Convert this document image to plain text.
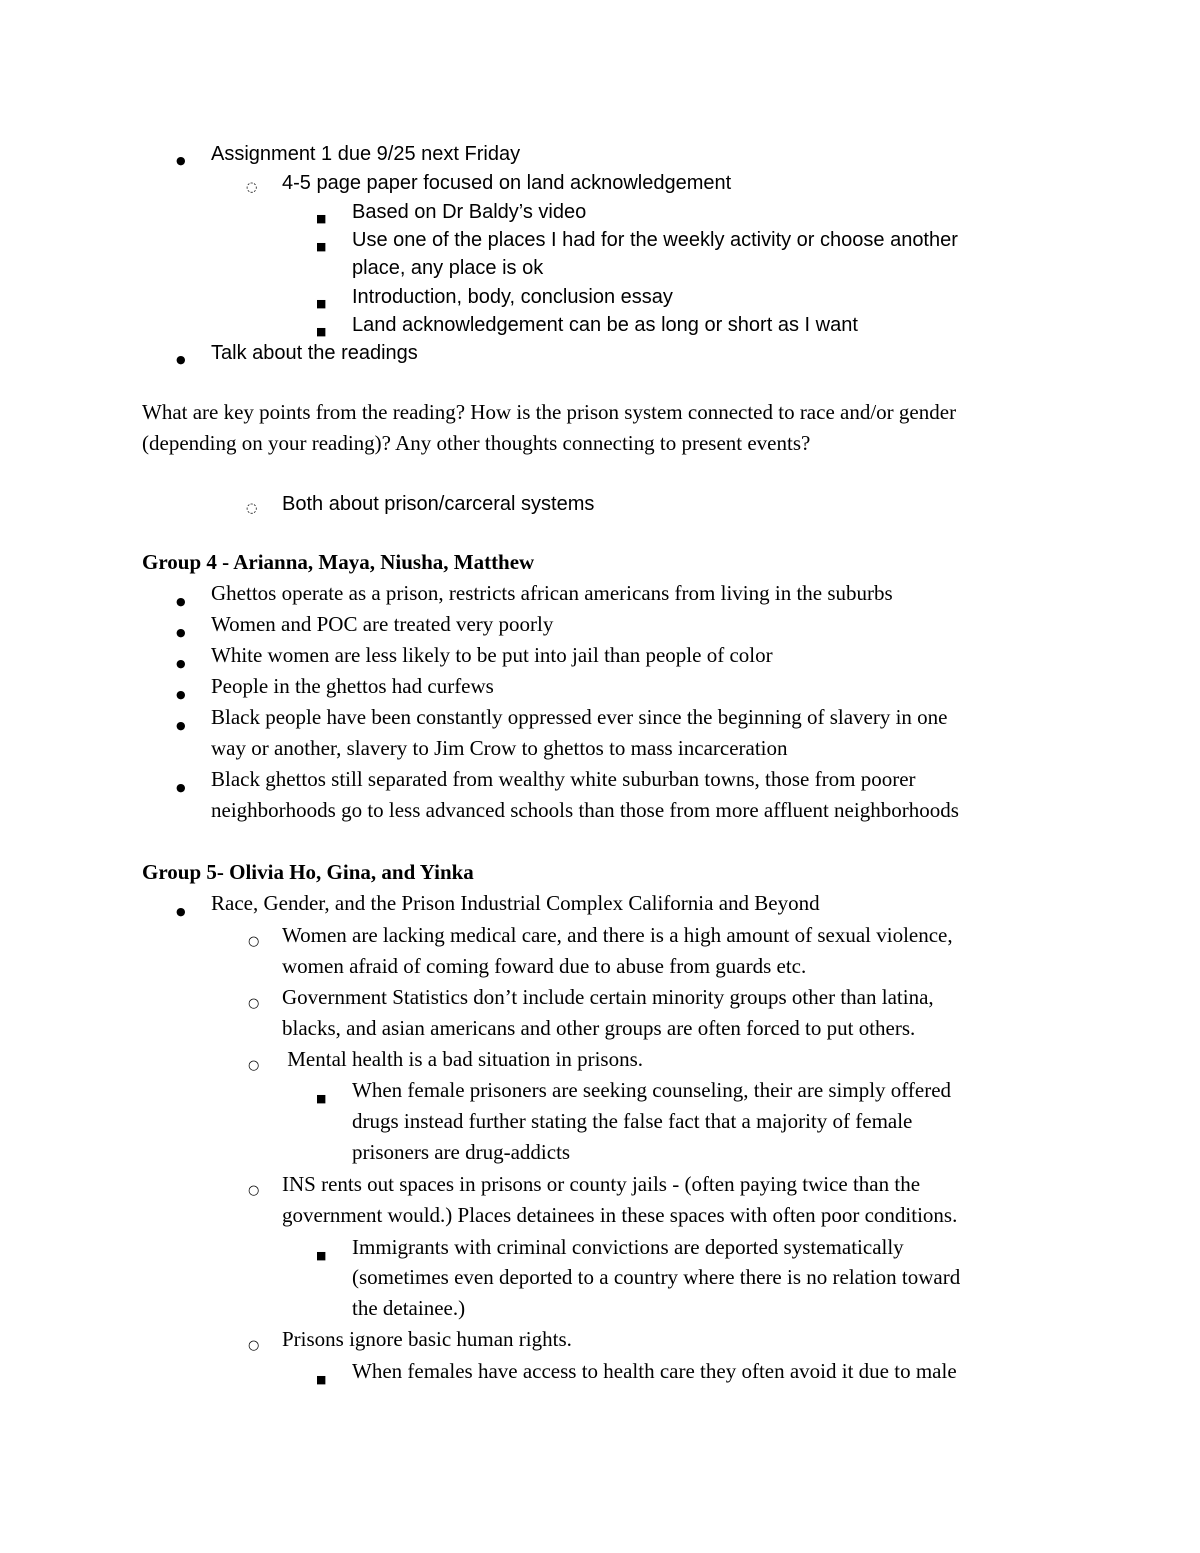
●
Assignment 1 due 9/25 next Friday
◌
4-5 page paper focused on land acknowledgement
■
Based on Dr Baldy’s video
■
Use one of the places I had for the weekly activity or choose another
place, any place is ok
■
Introduction, body, conclusion essay
■
Land acknowledgement can be as long or short as I want
●
Talk about the readings
What are key points from the reading? How is the prison system connected to race and/or gender
(depending on your reading)? Any other thoughts connecting to present events?
◌
Both about prison/carceral systems
Group 4 - Arianna, Maya, Niusha, Matthew
●
Ghettos operate as a prison, restricts african americans from living in the suburbs
●
Women and POC are treated very poorly
●
White women are less likely to be put into jail than people of color
●
People in the ghettos had curfews
●
Black people have been constantly oppressed ever since the beginning of slavery in one
way or another, slavery to Jim Crow to ghettos to mass incarceration
●
Black ghettos still separated from wealthy white suburban towns, those from poorer
neighborhoods go to less advanced schools than those from more affluent neighborhoods
Group 5- Olivia Ho, Gina, and Yinka
●
Race, Gender, and the Prison Industrial Complex California and Beyond
○
Women are lacking medical care, and there is a high amount of sexual violence,
women afraid of coming foward due to abuse from guards etc.
○
Government Statistics don’t include certain minority groups other than latina,
blacks, and asian americans and other groups are often forced to put others.
○
Mental health is a bad situation in prisons.
■
When female prisoners are seeking counseling, their are simply offered
drugs instead further stating the false fact that a majority of female
prisoners are drug-addicts
○
INS rents out spaces in prisons or county jails - (often paying twice than the
government would.) Places detainees in these spaces with often poor conditions.
■
Immigrants with criminal convictions are deported systematically
(sometimes even deported to a country where there is no relation toward
the detainee.)
○
Prisons ignore basic human rights.
■
When females have access to health care they often avoid it due to male
